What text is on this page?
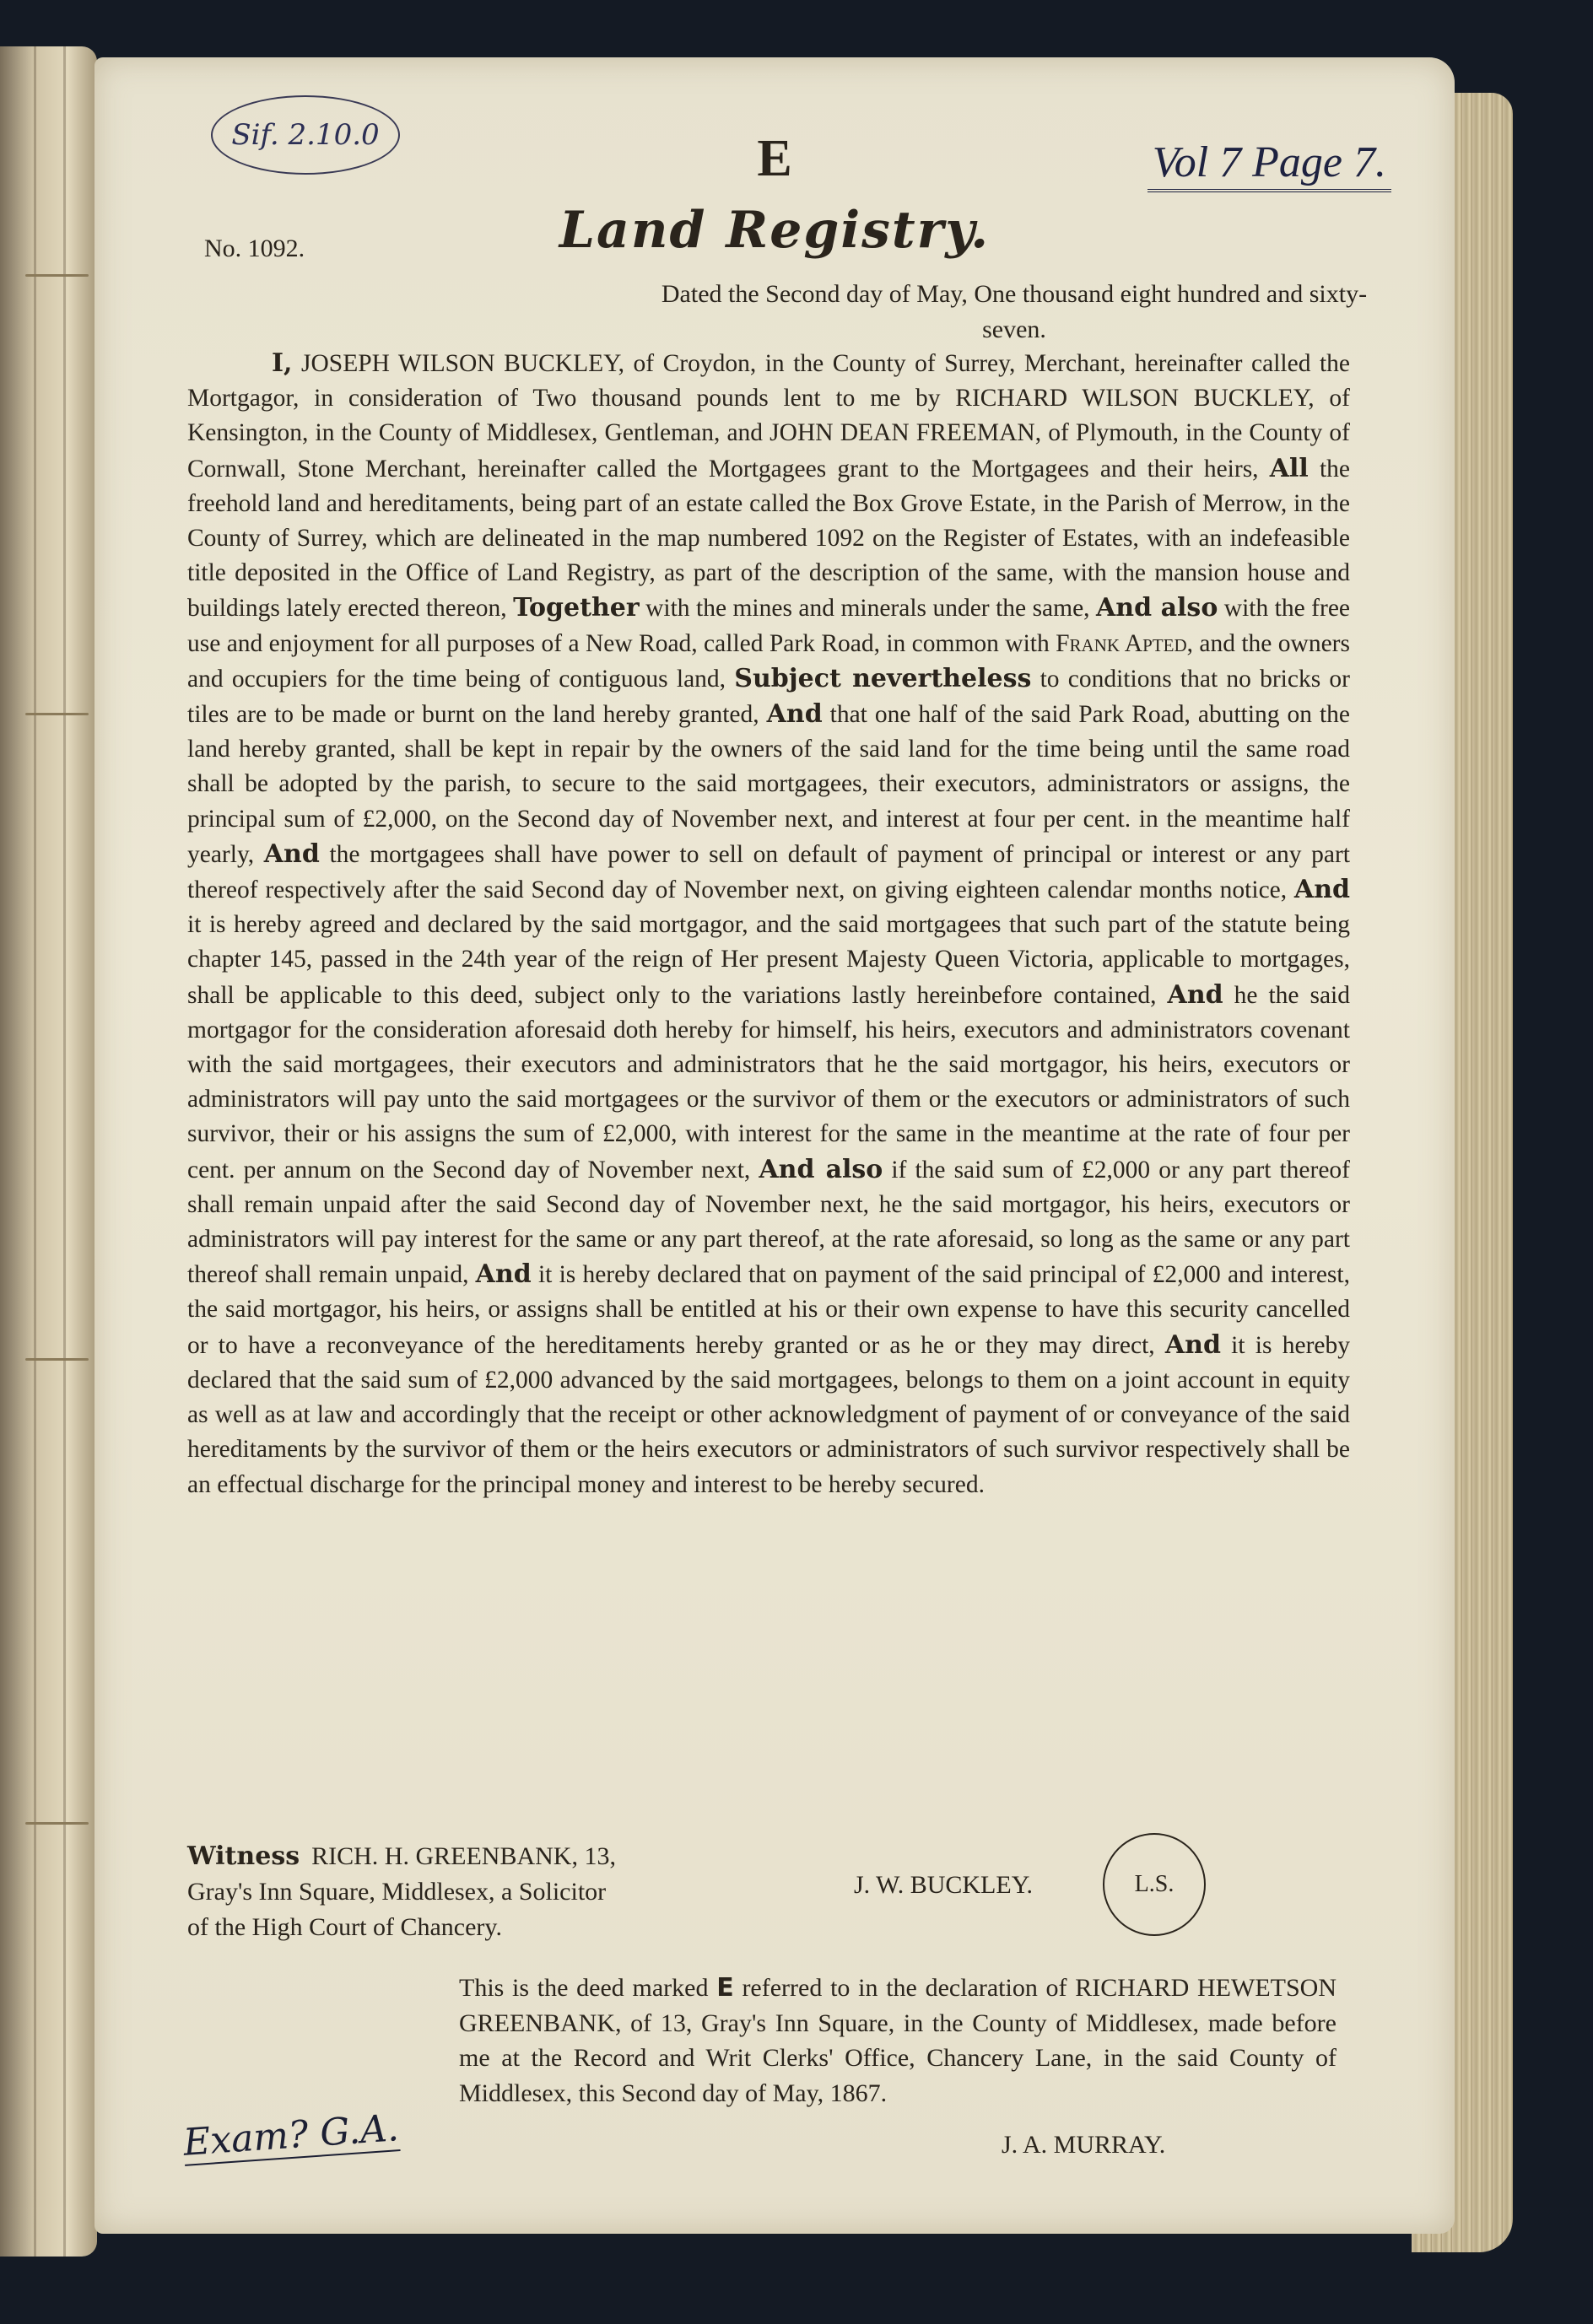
Sif. 2.10.0
Vol 7 Page 7.
E
Land Registry.
No. 1092.
Dated the Second day of May, One thousand eight hundred and sixty-seven.

I, JOSEPH WILSON BUCKLEY, of Croydon, in the County of Surrey, Merchant, hereinafter called the Mortgagor, in consideration of Two thousand pounds lent to me by RICHARD WILSON BUCKLEY, of Kensington, in the County of Middlesex, Gentleman, and JOHN DEAN FREEMAN, of Plymouth, in the County of Cornwall, Stone Merchant, hereinafter called the Mortgagees grant to the Mortgagees and their heirs, All the freehold land and hereditaments, being part of an estate called the Box Grove Estate, in the Parish of Merrow, in the County of Surrey, which are delineated in the map numbered 1092 on the Register of Estates, with an indefeasible title deposited in the Office of Land Registry, as part of the description of the same, with the mansion house and buildings lately erected thereon, Together with the mines and minerals under the same, And also with the free use and enjoyment for all purposes of a New Road, called Park Road, in common with Frank Apted, and the owners and occupiers for the time being of contiguous land, Subject nevertheless to conditions that no bricks or tiles are to be made or burnt on the land hereby granted, And that one half of the said Park Road, abutting on the land hereby granted, shall be kept in repair by the owners of the said land for the time being until the same road shall be adopted by the parish, to secure to the said mortgagees, their executors, administrators or assigns, the principal sum of £2,000, on the Second day of November next, and interest at four per cent. in the meantime half yearly, And the mortgagees shall have power to sell on default of payment of principal or interest or any part thereof respectively after the said Second day of November next, on giving eighteen calendar months notice, And it is hereby agreed and declared by the said mortgagor, and the said mortgagees that such part of the statute being chapter 145, passed in the 24th year of the reign of Her present Majesty Queen Victoria, applicable to mortgages, shall be applicable to this deed, subject only to the variations lastly hereinbefore contained, And he the said mortgagor for the consideration aforesaid doth hereby for himself, his heirs, executors and administrators covenant with the said mortgagees, their executors and administrators that he the said mortgagor, his heirs, executors or administrators will pay unto the said mortgagees or the survivor of them or the executors or administrators of such survivor, their or his assigns the sum of £2,000, with interest for the same in the meantime at the rate of four per cent. per annum on the Second day of November next, And also if the said sum of £2,000 or any part thereof shall remain unpaid after the said Second day of November next, he the said mortgagor, his heirs, executors or administrators will pay interest for the same or any part thereof, at the rate aforesaid, so long as the same or any part thereof shall remain unpaid, And it is hereby declared that on payment of the said principal of £2,000 and interest, the said mortgagor, his heirs, or assigns shall be entitled at his or their own expense to have this security cancelled or to have a reconveyance of the hereditaments hereby granted or as he or they may direct, And it is hereby declared that the said sum of £2,000 advanced by the said mortgagees, belongs to them on a joint account in equity as well as at law and accordingly that the receipt or other acknowledgment of payment of or conveyance of the said hereditaments by the survivor of them or the heirs executors or administrators of such survivor respectively shall be an effectual discharge for the principal money and interest to be hereby secured.

Witness RICH. H. GREENBANK, 13,
Gray's Inn Square, Middlesex, a Solicitor
of the High Court of Chancery.
J. W. BUCKLEY.	L.S.
This is the deed marked E referred to in the declaration of RICHARD HEWETSON GREENBANK, of 13, Gray's Inn Square, in the County of Middlesex, made before me at the Record and Writ Clerks' Office, Chancery Lane, in the said County of Middlesex, this Second day of May, 1867.
J. A. MURRAY.
Exam? G.A.
